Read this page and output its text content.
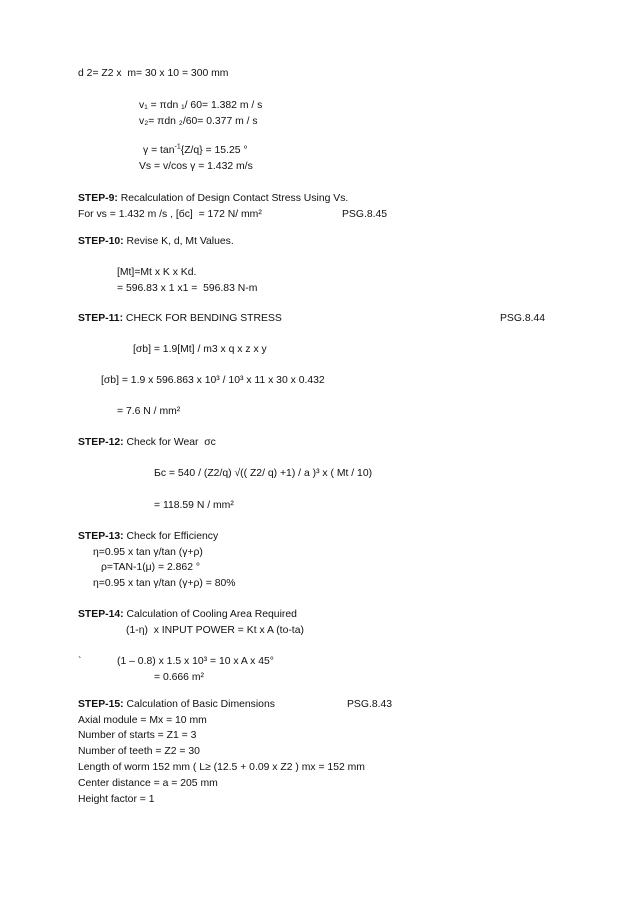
d 2= Z2 x  m= 30 x 10 = 300 mm
v₁ = πdn ₁/ 60= 1.382 m / s
v₂= πdn ₂/60= 0.377 m / s
$\gamma = \tan^{-1}\{Z/q\} = 15.25$ °
Vs = v/cos γ = 1.432 m/s
STEP-9: Recalculation of Design Contact Stress Using Vs.
For vs = 1.432 m /s , [бc]  = 172 N/ mm²	PSG.8.45
STEP-10: Revise K, d, Mt Values.
[Mt]=Mt x K x Kd.
= 596.83 x 1 x1 =  596.83 N-m
STEP-11: CHECK FOR BENDING STRESS	PSG.8.44
[σb] = 1.9[Mt] / m3 x q x z x y
[σb] = 1.9 x 596.863 x 10³ / 10³ x 11 x 30 x 0.432
= 7.6 N / mm²
STEP-12: Check for Wear  σc
Бc = 540 / (Z2/q) √(( Z2/ q) +1) / a )³ x ( Mt / 10)
= 118.59 N / mm²
STEP-13: Check for Efficiency
η=0.95 x tan γ/tan (γ+ρ)
ρ=TAN-1(μ) = 2.862 °
η=0.95 x tan γ/tan (γ+ρ) = 80%
STEP-14: Calculation of Cooling Area Required
(1-η)  x INPUT POWER = Kt x A (to-ta)
`	(1 – 0.8) x 1.5 x 10³ = 10 x A x 45°
= 0.666 m²
STEP-15: Calculation of Basic Dimensions	PSG.8.43
Axial module = Mx = 10 mm
Number of starts = Z1 = 3
Number of teeth = Z2 = 30
Length of worm 152 mm ( L≥ (12.5 + 0.09 x Z2 ) mx = 152 mm
Center distance = a = 205 mm
Height factor = 1
